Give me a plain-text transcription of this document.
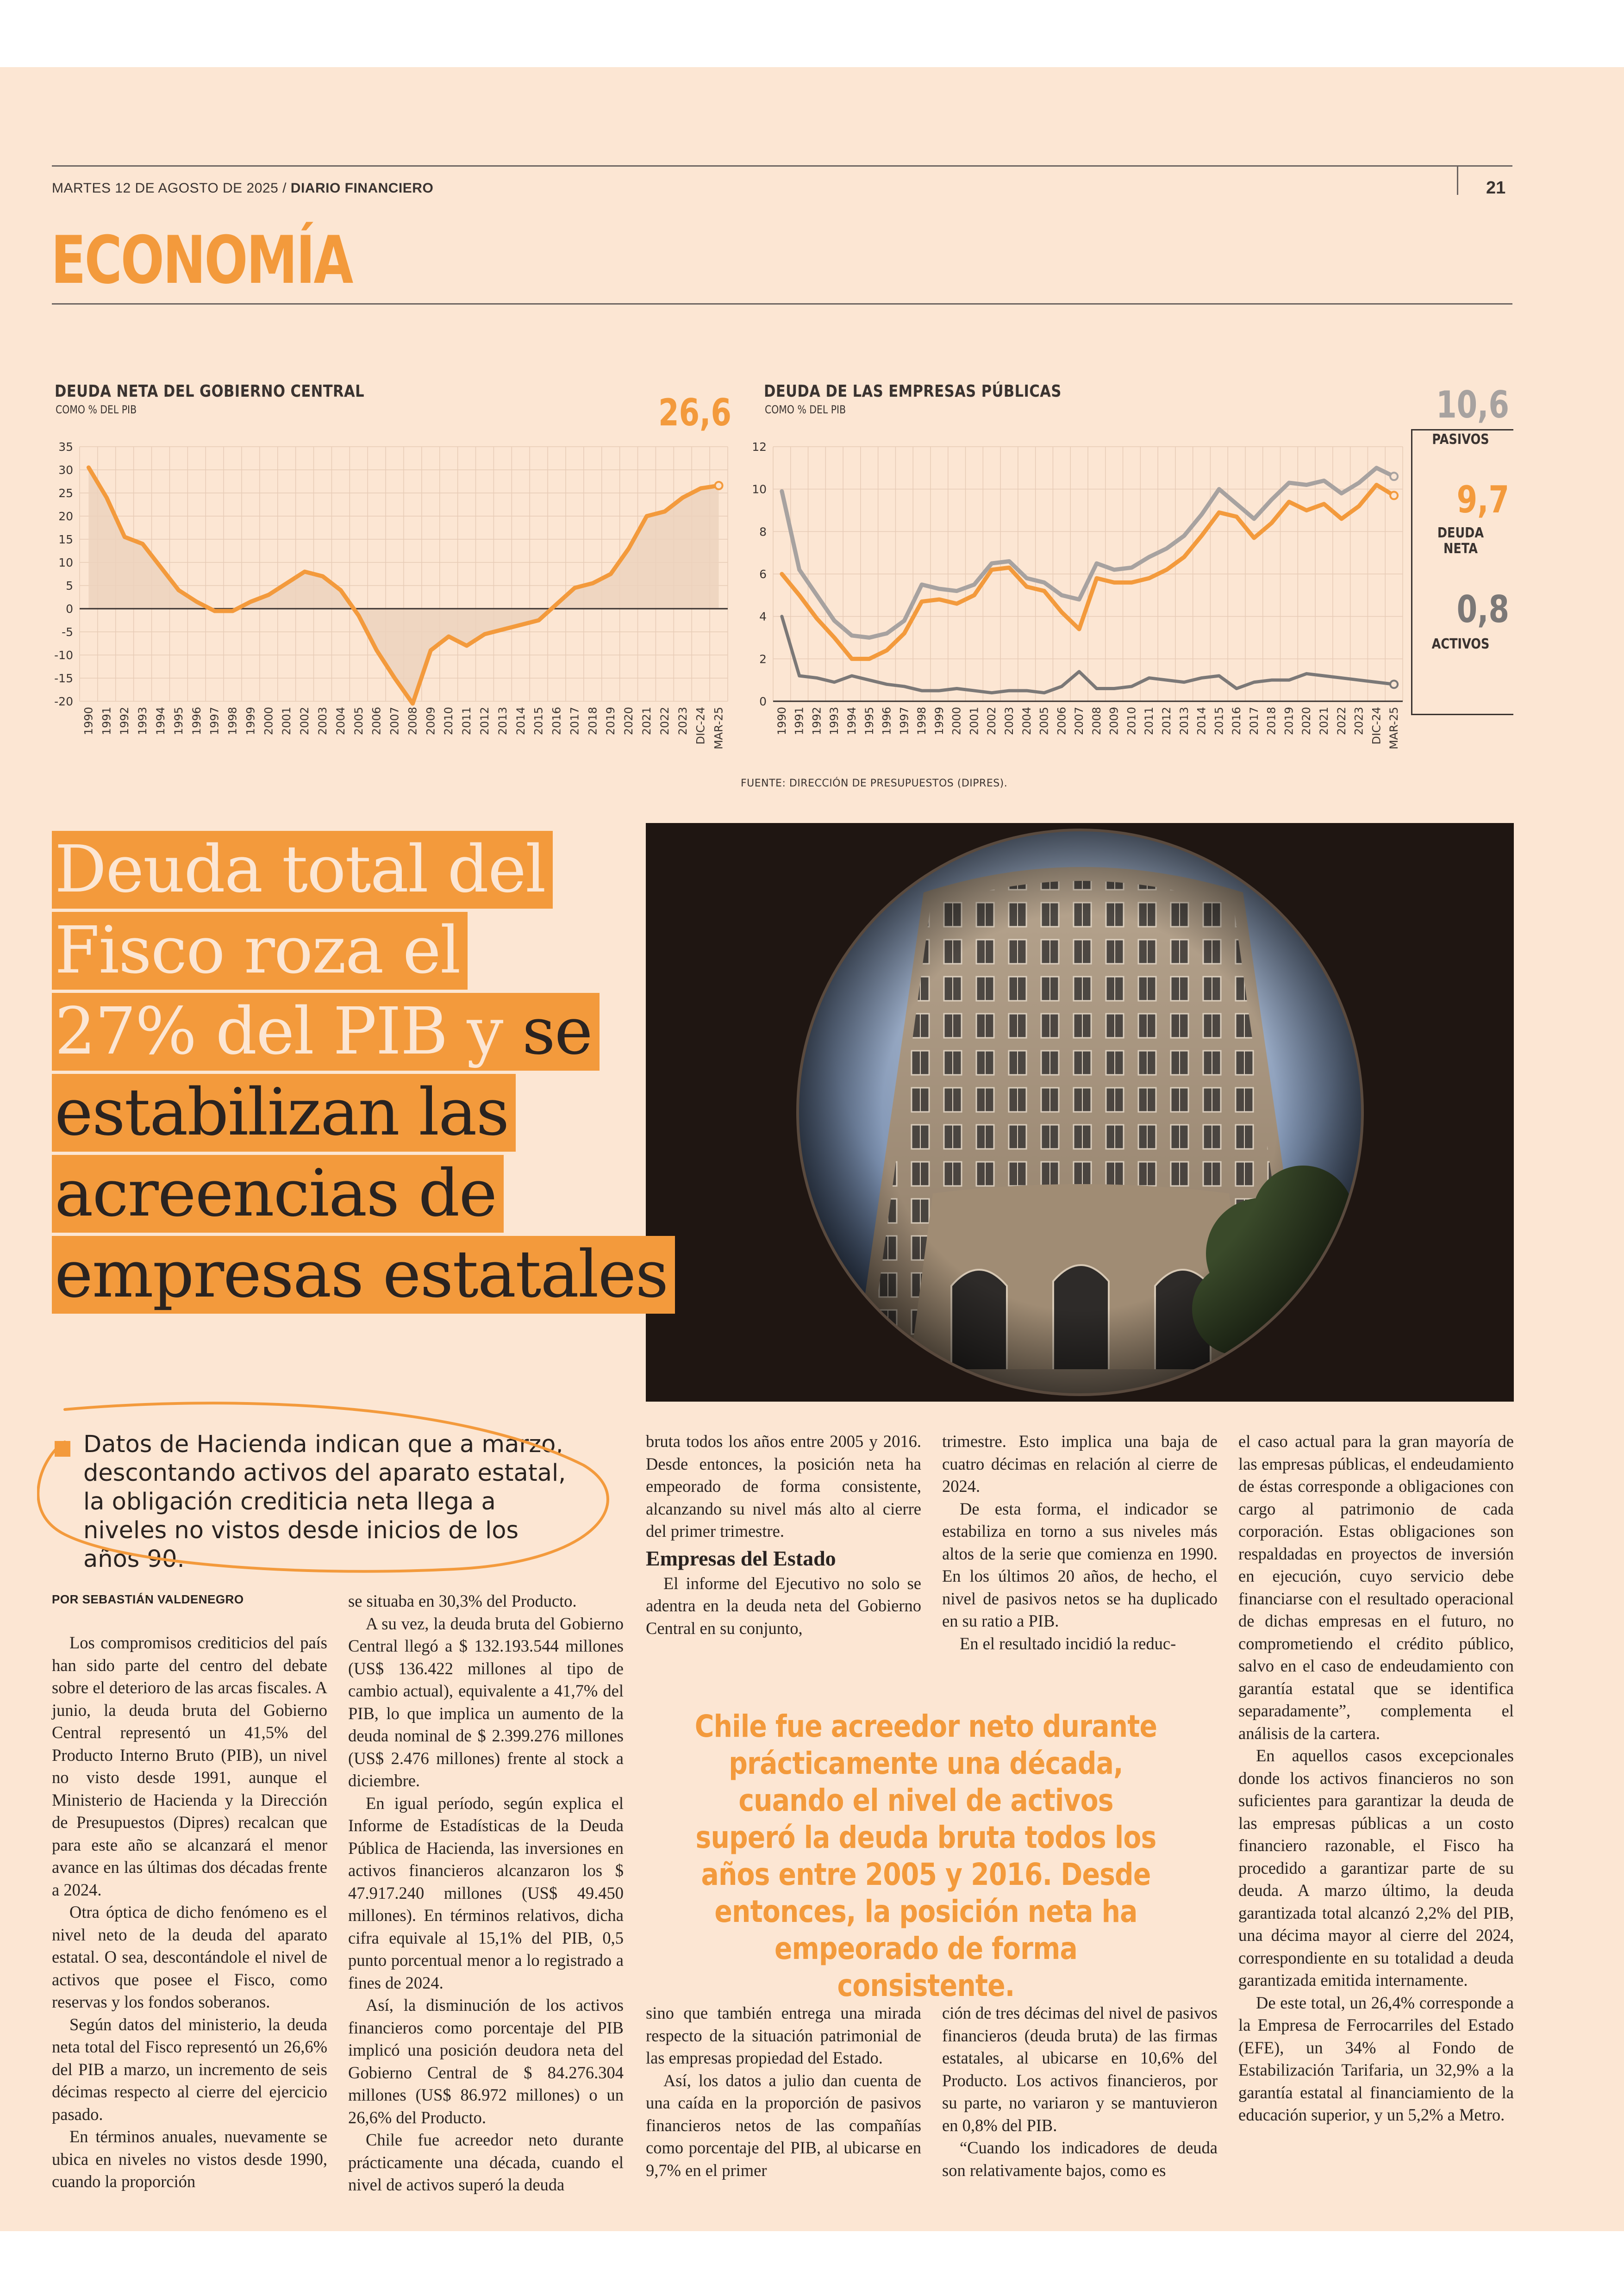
MARTES 12 DE AGOSTO DE 2025 / DIARIO FINANCIERO	21
ECONOMÍA
DEUDA NETA DEL GOBIERNO CENTRAL
COMO % DEL PIB	26,6
35
30
25
20
15
10
5
0
-5
-10
-15
-20
1990 1991 1992 1993 1994 1995 1996 1997 1998 1999 2000 2001 2002 2003 2004 2005 2006 2007 2008 2009 2010 2011 2012 2013 2014 2015 2016 2017 2018 2019 2020 2021 2022 2023 DIC-24 MAR-25
DEUDA DE LAS EMPRESAS PÚBLICAS
COMO % DEL PIB
12
10
8
6
4
2
0
1990 1991 1992 1993 1994 1995 1996 1997 1998 1999 2000 2001 2002 2003 2004 2005 2006 2007 2008 2009 2010 2011 2012 2013 2014 2015 2016 2017 2018 2019 2020 2021 2022 2023 DIC-24 MAR-25
10,6
PASIVOS
9,7
DEUDA NETA
0,8
ACTIVOS
FUENTE: DIRECCIÓN DE PRESUPUESTOS (DIPRES).
Deuda total del
Fisco roza el
27% del PIB y se
estabilizan las
acreencias de
empresas estatales
Datos de Hacienda indican que a marzo, descontando activos del aparato estatal, la obligación crediticia neta llega a niveles no vistos desde inicios de los años 90.
POR SEBASTIÁN VALDENEGRO

Los compromisos crediticios del país han sido parte del centro del debate sobre el deterioro de las arcas fiscales. A junio, la deuda bruta del Gobierno Central representó un 41,5% del Producto Interno Bruto (PIB), un nivel no visto desde 1991, aunque el Ministerio de Hacienda y la Dirección de Presupuestos (Dipres) recalcan que para este año se alcanzará el menor avance en las últimas dos décadas frente a 2024.

Otra óptica de dicho fenómeno es el nivel neto de la deuda del aparato estatal. O sea, descontándole el nivel de activos que posee el Fisco, como reservas y los fondos soberanos.

Según datos del ministerio, la deuda neta total del Fisco representó un 26,6% del PIB a marzo, un incremento de seis décimas respecto al cierre del ejercicio pasado.

En términos anuales, nuevamente se ubica en niveles no vistos desde 1990, cuando la proporción

se situaba en 30,3% del Producto.

A su vez, la deuda bruta del Gobierno Central llegó a $ 132.193.544 millones (US$ 136.422 millones al tipo de cambio actual), equivalente a 41,7% del PIB, lo que implica un aumento de la deuda nominal de $ 2.399.276 millones (US$ 2.476 millones) frente al stock a diciembre.

En igual período, según explica el Informe de Estadísticas de la Deuda Pública de Hacienda, las inversiones en activos financieros alcanzaron los $ 47.917.240 millones (US$ 49.450 millones). En términos relativos, dicha cifra equivale al 15,1% del PIB, 0,5 punto porcentual menor a lo registrado a fines de 2024.

Así, la disminución de los activos financieros como porcentaje del PIB implicó una posición deudora neta del Gobierno Central de $ 84.276.304 millones (US$ 86.972 millones) o un 26,6% del Producto.

Chile fue acreedor neto durante prácticamente una década, cuando el nivel de activos superó la deuda

bruta todos los años entre 2005 y 2016. Desde entonces, la posición neta ha empeorado de forma consistente, alcanzando su nivel más alto al cierre del primer trimestre.

Empresas del Estado

El informe del Ejecutivo no solo se adentra en la deuda neta del Gobierno Central en su conjunto,

sino que también entrega una mirada respecto de la situación patrimonial de las empresas propiedad del Estado.

Así, los datos a julio dan cuenta de una caída en la proporción de pasivos financieros netos de las compañías como porcentaje del PIB, al ubicarse en 9,7% en el primer

trimestre. Esto implica una baja de cuatro décimas en relación al cierre de 2024.

De esta forma, el indicador se estabiliza en torno a sus niveles más altos de la serie que comienza en 1990. En los últimos 20 años, de hecho, el nivel de pasivos netos se ha duplicado en su ratio a PIB.

En el resultado incidió la reduc-

ción de tres décimas del nivel de pasivos financieros (deuda bruta) de las firmas estatales, al ubicarse en 10,6% del Producto. Los activos financieros, por su parte, no variaron y se mantuvieron en 0,8% del PIB.

“Cuando los indicadores de deuda son relativamente bajos, como es

el caso actual para la gran mayoría de las empresas públicas, el endeudamiento de éstas corresponde a obligaciones con cargo al patrimonio de cada corporación. Estas obligaciones son respaldadas en proyectos de inversión en ejecución, cuyo servicio debe financiarse con el resultado operacional de dichas empresas en el futuro, no comprometiendo el crédito público, salvo en el caso de endeudamiento con garantía estatal que se identifica separadamente”, complementa el análisis de la cartera.

En aquellos casos excepcionales donde los activos financieros no son suficientes para garantizar la deuda de las empresas públicas a un costo financiero razonable, el Fisco ha procedido a garantizar parte de su deuda. A marzo último, la deuda garantizada total alcanzó 2,2% del PIB, una décima mayor al cierre del 2024, correspondiente en su totalidad a deuda garantizada emitida internamente.

De este total, un 26,4% corresponde a la Empresa de Ferrocarriles del Estado (EFE), un 34% al Fondo de Estabilización Tarifaria, un 32,9% a la garantía estatal al financiamiento de la educación superior, y un 5,2% a Metro.

Chile fue acreedor neto durante prácticamente una década, cuando el nivel de activos superó la deuda bruta todos los años entre 2005 y 2016. Desde entonces, la posición neta ha empeorado de forma consistente.
